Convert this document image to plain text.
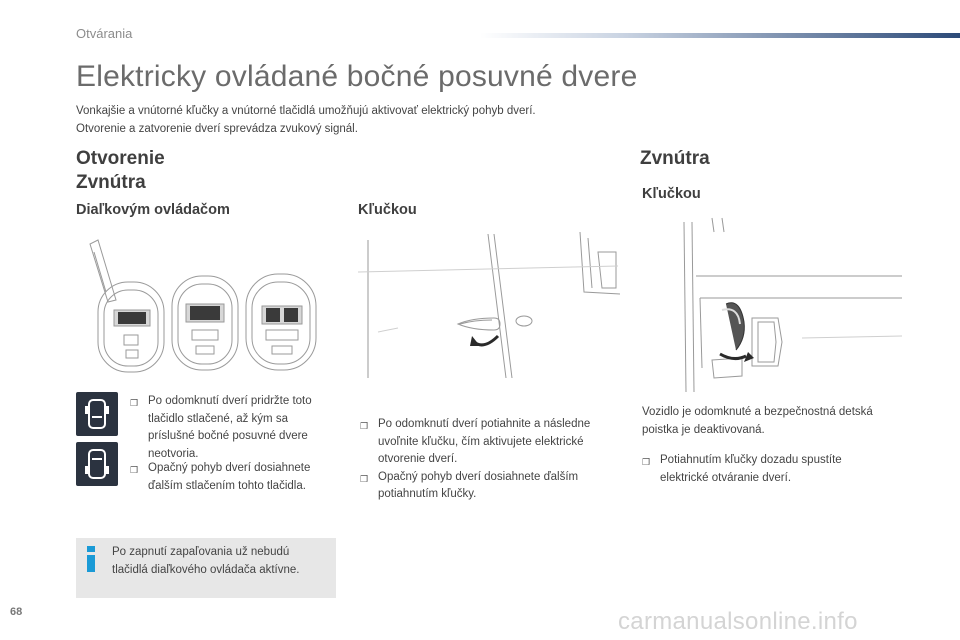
Otvárania
Elektricky ovládané bočné posuvné dvere
Vonkajšie a vnútorné kľučky a vnútorné tlačidlá umožňujú aktivovať elektrický pohyb dverí.
Otvorenie a zatvorenie dverí sprevádza zvukový signál.
Otvorenie
Zvnútra
Diaľkovým ovládačom
❒ Po odomknutí dverí pridržte toto tlačidlo stlačené, až kým sa príslušné bočné posuvné dvere neotvoria.
❒ Opačný pohyb dverí dosiahnete ďalším stlačením tohto tlačidla.
Po zapnutí zapaľovania už nebudú tlačidlá diaľkového ovládača aktívne.
Kľučkou
❒ Po odomknutí dverí potiahnite a následne uvoľnite kľučku, čím aktivujete elektrické otvorenie dverí.
❒ Opačný pohyb dverí dosiahnete ďalším potiahnutím kľučky.
Zvnútra
Kľučkou
Vozidlo je odomknuté a bezpečnostná detská poistka je deaktivovaná.
❒ Potiahnutím kľučky dozadu spustíte elektrické otváranie dverí.
68	carmanualsonline.info
